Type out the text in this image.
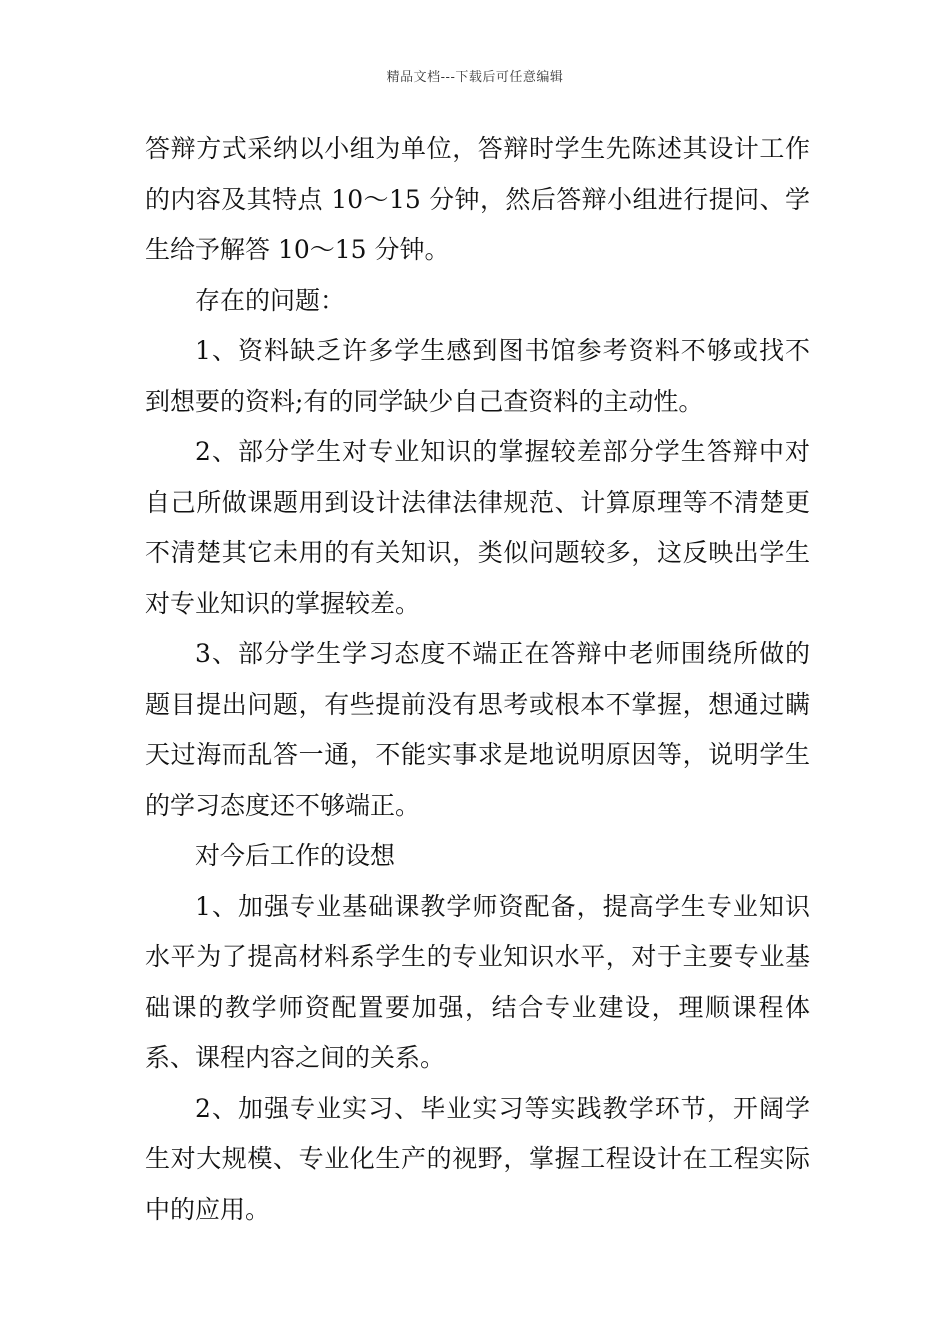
精品文档---下载后可任意编辑

答辩方式采纳以小组为单位，答辩时学生先陈述其设计工作的内容及其特点 10～15 分钟，然后答辩小组进行提问、学生给予解答 10～15 分钟。

存在的问题：

1、资料缺乏许多学生感到图书馆参考资料不够或找不到想要的资料;有的同学缺少自己查资料的主动性。

2、部分学生对专业知识的掌握较差部分学生答辩中对自己所做课题用到设计法律法律规范、计算原理等不清楚更不清楚其它未用的有关知识，类似问题较多，这反映出学生对专业知识的掌握较差。

3、部分学生学习态度不端正在答辩中老师围绕所做的题目提出问题，有些提前没有思考或根本不掌握，想通过瞒天过海而乱答一通，不能实事求是地说明原因等，说明学生的学习态度还不够端正。

对今后工作的设想

1、加强专业基础课教学师资配备，提高学生专业知识水平为了提高材料系学生的专业知识水平，对于主要专业基础课的教学师资配置要加强，结合专业建设，理顺课程体系、课程内容之间的关系。

2、加强专业实习、毕业实习等实践教学环节，开阔学生对大规模、专业化生产的视野，掌握工程设计在工程实际中的应用。
